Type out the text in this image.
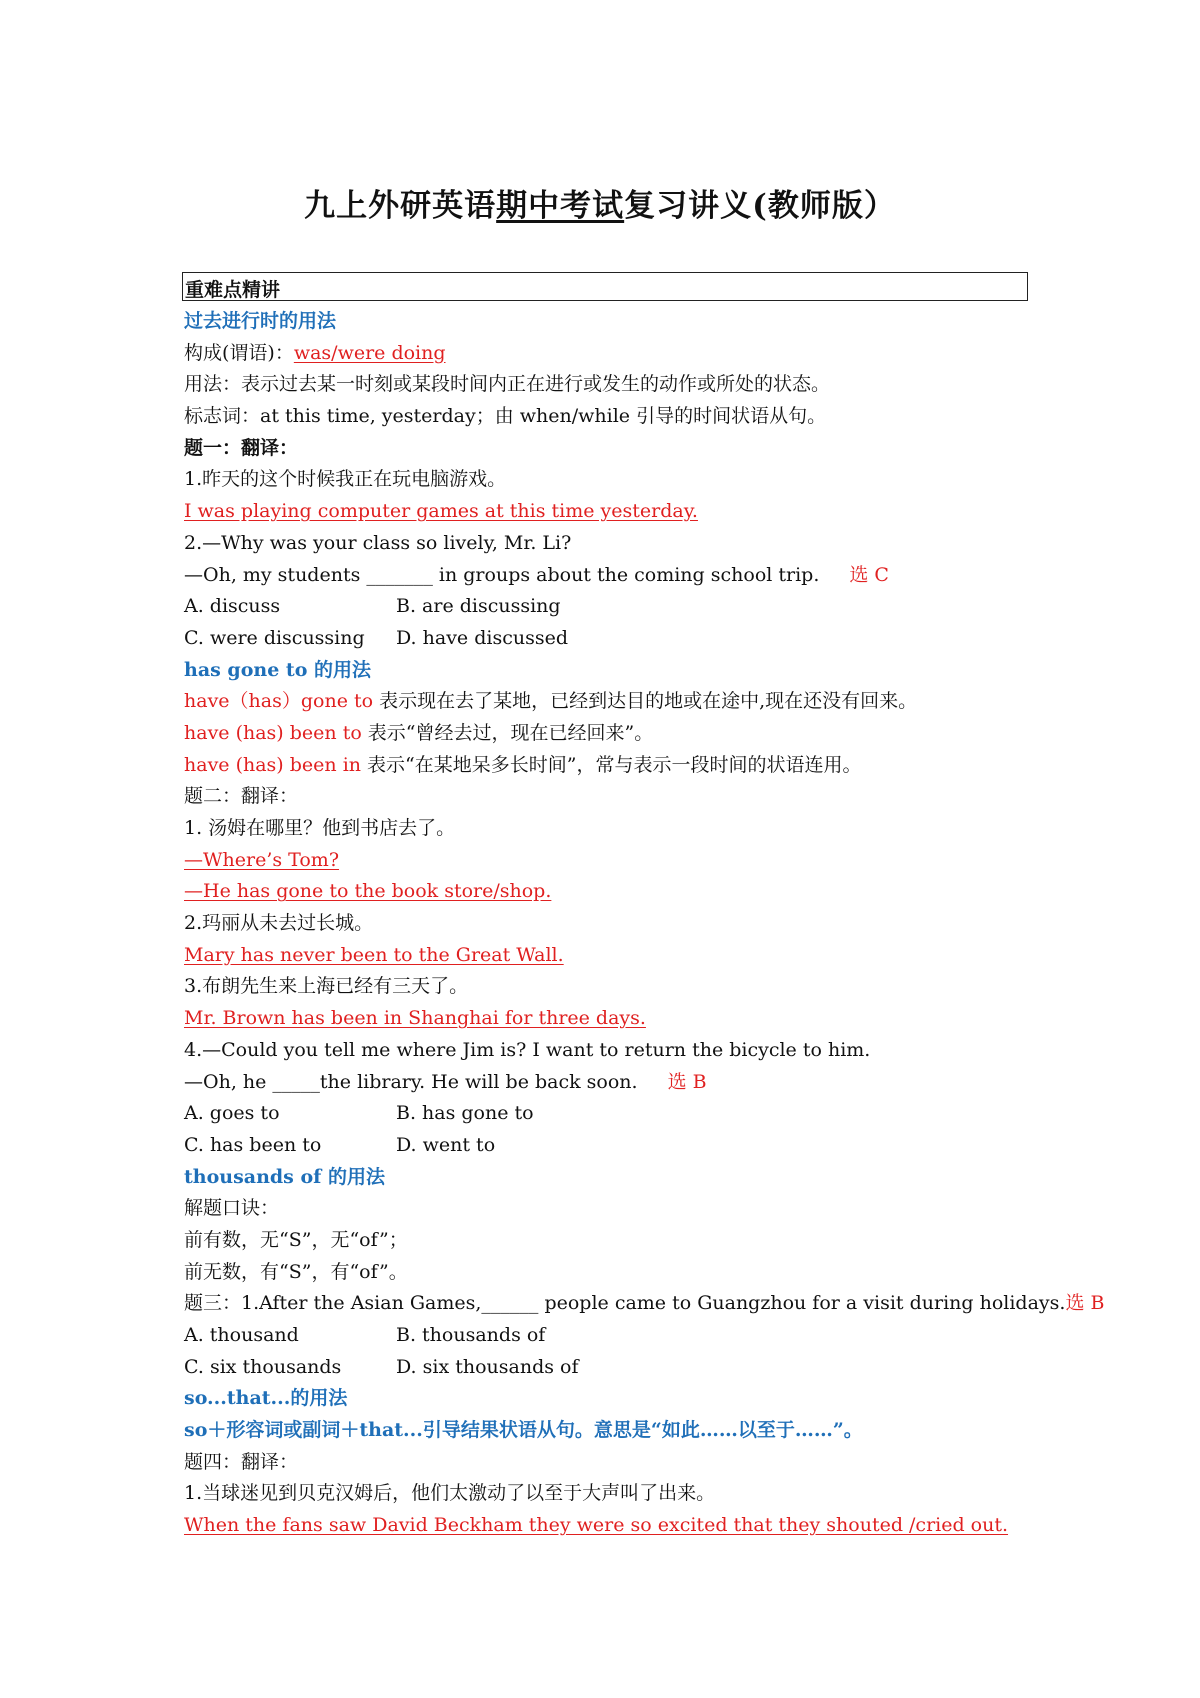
九上外研英语期中考试复习讲义(教师版）
重难点精讲
过去进行时的用法
构成(谓语)：was/were doing
用法：表示过去某一时刻或某段时间内正在进行或发生的动作或所处的状态。
标志词：at this time, yesterday；由 when/while 引导的时间状语从句。
题一：翻译：
1.昨天的这个时候我正在玩电脑游戏。
I was playing computer games at this time yesterday.
2.—Why was your class so lively, Mr. Li?
—Oh, my students _______ in groups about the coming school trip. 选 C
A. discuss	B. are discussing
C. were discussing D. have discussed
has gone to 的用法
have（has）gone to 表示现在去了某地，已经到达目的地或在途中,现在还没有回来。
have (has) been to 表示“曾经去过，现在已经回来”。
have (has) been in 表示“在某地呆多长时间”，常与表示一段时间的状语连用。
题二：翻译：
1. 汤姆在哪里？他到书店去了。
—Where’s Tom?
—He has gone to the book store/shop.
2.玛丽从未去过长城。
Mary has never been to the Great Wall.
3.布朗先生来上海已经有三天了。
Mr. Brown has been in Shanghai for three days.
4.—Could you tell me where Jim is? I want to return the bicycle to him.
—Oh, he _____the library. He will be back soon. 选 B
A. goes to	B. has gone to
C. has been to	D. went to
thousands of 的用法
解题口诀：
前有数，无“S”，无“of”；
前无数，有“S”，有“of”。
题三：1.After the Asian Games,______ people came to Guangzhou for a visit during holidays.选 B
A. thousand	B. thousands of
C. six thousands	D. six thousands of
so...that...的用法
so＋形容词或副词＋that...引导结果状语从句。意思是“如此……以至于……”。
题四：翻译：
1.当球迷见到贝克汉姆后，他们太激动了以至于大声叫了出来。
When the fans saw David Beckham they were so excited that they shouted /cried out.
